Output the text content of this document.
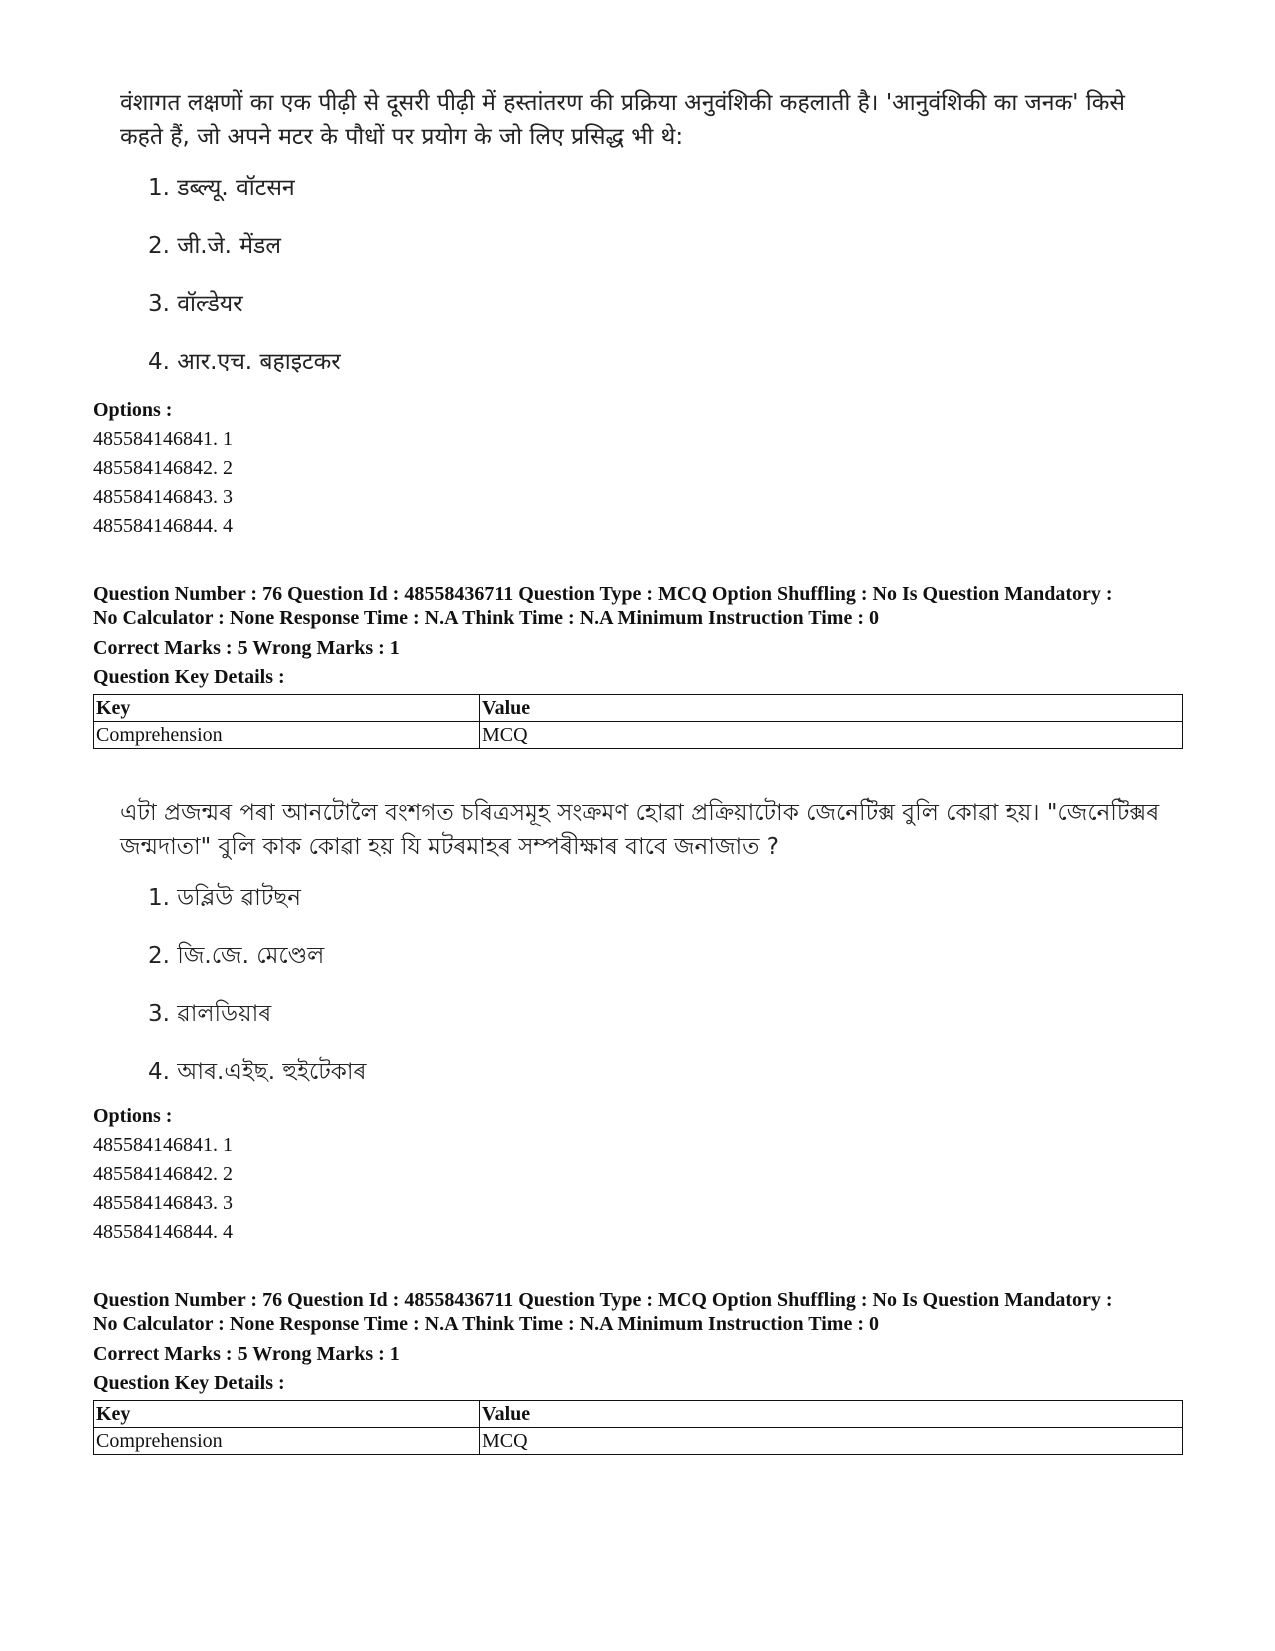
वंशागत लक्षणों का एक पीढ़ी से दूसरी पीढ़ी में हस्तांतरण की प्रक्रिया अनुवंशिकी कहलाती है। 'आनुवंशिकी का जनक' किसे कहते हैं, जो अपने मटर के पौधों पर प्रयोग के जो लिए प्रसिद्ध भी थे:
1. डब्ल्यू. वॉटसन
2. जी.जे. मेंडल
3. वॉल्डेयर
4. आर.एच. बहाइटकर
Options :
485584146841. 1
485584146842. 2
485584146843. 3
485584146844. 4
Question Number : 76 Question Id : 48558436711 Question Type : MCQ Option Shuffling : No Is Question Mandatory :
No Calculator : None Response Time : N.A Think Time : N.A Minimum Instruction Time : 0
Correct Marks : 5 Wrong Marks : 1
Question Key Details :
Key	Value
Comprehension	MCQ
এটা প্ৰজন্মৰ পৰা আনটোলৈ বংশগত চৰিত্ৰসমূহ সংক্ৰমণ হোৱা প্ৰক্ৰিয়াটোক জেনেটিক্স বুলি কোৱা হয়। "জেনেটিক্সৰ জন্মদাতা" বুলি কাক কোৱা হয় যি মটৰমাহৰ সম্পৰীক্ষাৰ বাবে জনাজাত ?
1. ডব্লিউ ৱাটছন
2. জি.জে. মেণ্ডেল
3. ৱালডিয়াৰ
4. আৰ.এইছ. হুইটেকাৰ
Options :
485584146841. 1
485584146842. 2
485584146843. 3
485584146844. 4
Question Number : 76 Question Id : 48558436711 Question Type : MCQ Option Shuffling : No Is Question Mandatory :
No Calculator : None Response Time : N.A Think Time : N.A Minimum Instruction Time : 0
Correct Marks : 5 Wrong Marks : 1
Question Key Details :
Key	Value
Comprehension	MCQ
